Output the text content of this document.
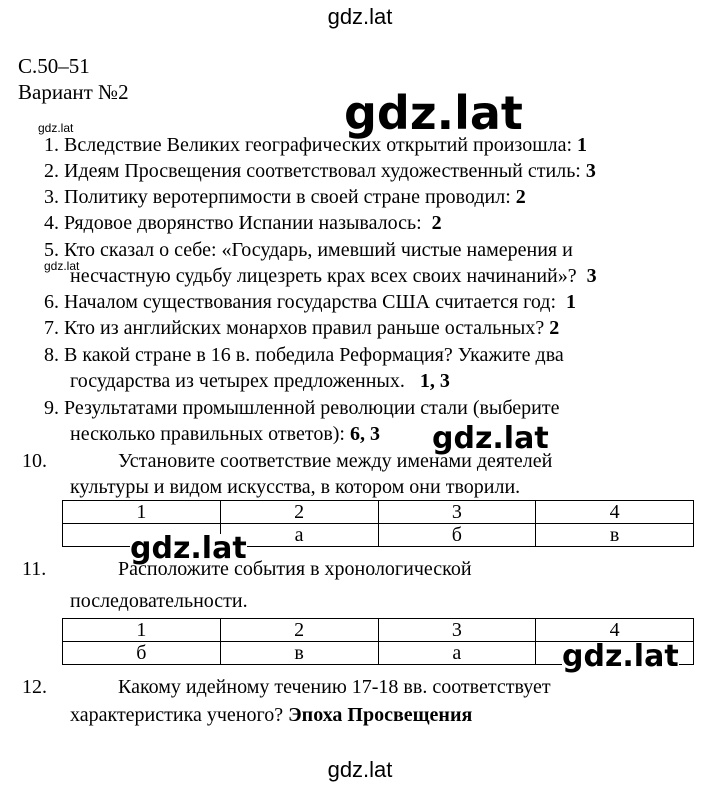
gdz.lat
С.50–51
Вариант №2
gdz.lat
1. Вследствие Великих географических открытий произошла: 1
2. Идеям Просвещения соответствовал художественный стиль: 3
3. Политику веротерпимости в своей стране проводил: 2
4. Рядовое дворянство Испании называлось: 2
5. Кто сказал о себе: «Государь, имевший чистые намерения и
gdz.lat
несчастную судьбу лицезреть крах всех своих начинаний»? 3
6. Началом существования государства США считается год: 1
7. Кто из английских монархов правил раньше остальных? 2
8. В какой стране в 16 в. победила Реформация? Укажите два
государства из четырех предложенных. 1, 3
9. Результатами промышленной революции стали (выберите
несколько правильных ответов): 6, 3 gdz.lat
10.	Установите соответствие между именами деятелей
культуры и видом искусства, в котором они творили.
1	2	3	4
	а	б	в
gdz.lat
11.	Расположите события в хронологической
последовательности.
1	2	3	4
б	в	а		gdz.lat
12.	Какому идейному течению 17-18 вв. соответствует
характеристика ученого? Эпоха Просвещения
gdz.lat
gdz.lat
